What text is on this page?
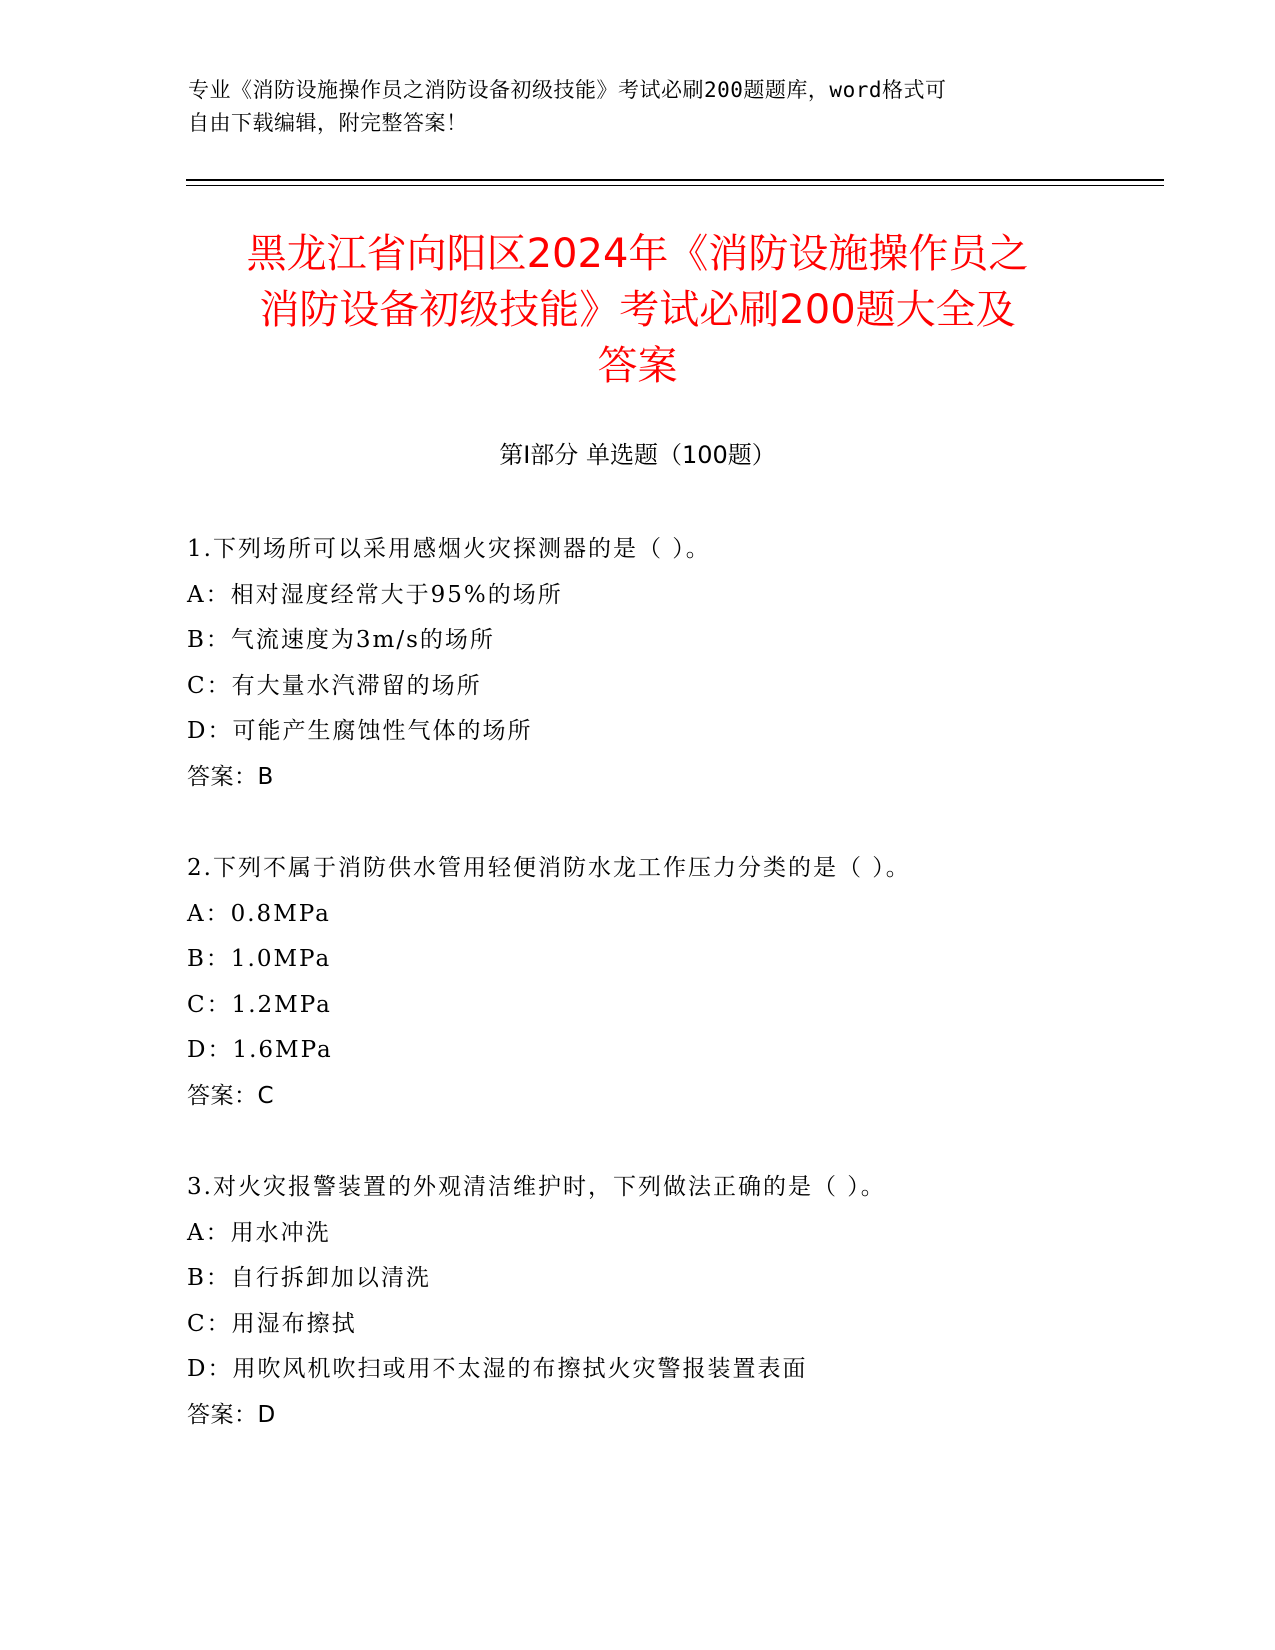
专业《消防设施操作员之消防设备初级技能》考试必刷200题题库，word格式可
自由下载编辑，附完整答案！
黑龙江省向阳区2024年《消防设施操作员之
消防设备初级技能》考试必刷200题大全及
答案
第Ⅰ部分 单选题（100题）
1.下列场所可以采用感烟火灾探测器的是（ ）。
A：相对湿度经常大于95%的场所
B：气流速度为3m/s的场所
C：有大量水汽滞留的场所
D：可能产生腐蚀性气体的场所
答案：B
2.下列不属于消防供水管用轻便消防水龙工作压力分类的是（ ）。
A：0.8MPa
B：1.0MPa
C：1.2MPa
D：1.6MPa
答案：C
3.对火灾报警装置的外观清洁维护时，下列做法正确的是（ ）。
A：用水冲洗
B：自行拆卸加以清洗
C：用湿布擦拭
D：用吹风机吹扫或用不太湿的布擦拭火灾警报装置表面
答案：D
